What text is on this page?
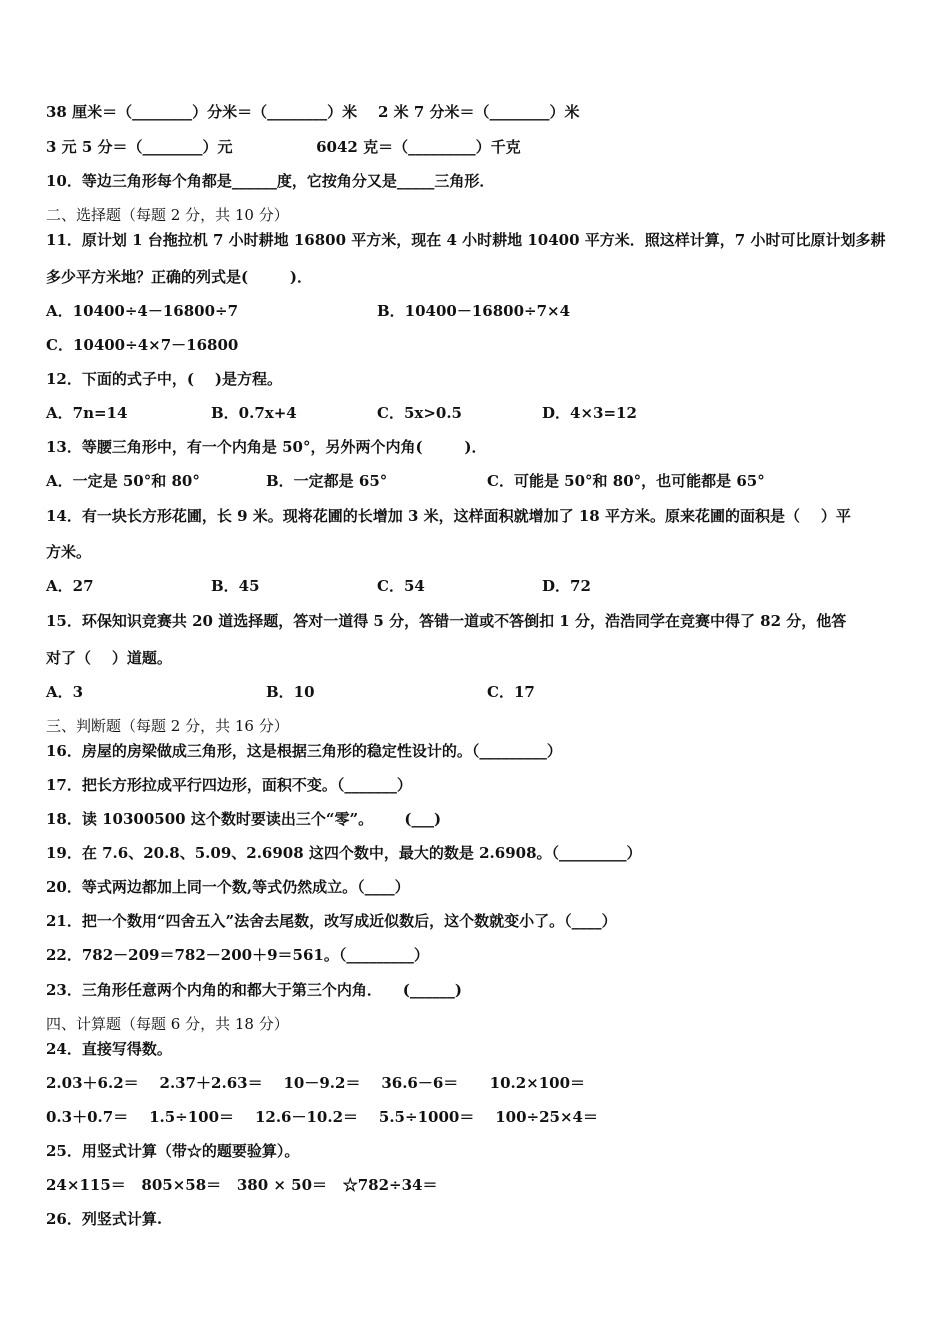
38 厘米＝（________）分米＝（________）米    2 米 7 分米＝（________）米
3 元 5 分＝（________）元                6042 克＝（_________）千克
10．等边三角形每个角都是______度，它按角分又是_____三角形．
二、选择题（每题 2 分，共 10 分）
11．原计划 1 台拖拉机 7 小时耕地 16800 平方米，现在 4 小时耕地 10400 平方米．照这样计算，7 小时可比原计划多耕
多少平方米地？正确的列式是(        )．
A．10400÷4－16800÷7	B．10400－16800÷7×4
C．10400÷4×7－16800
12．下面的式子中，(    )是方程。
A．7n=14	B．0.7x+4	C．5x>0.5	D．4×3=12
13．等腰三角形中，有一个内角是 50°，另外两个内角(        )．
A．一定是 50°和 80°	B．一定都是 65°	C．可能是 50°和 80°，也可能都是 65°
14．有一块长方形花圃，长 9 米。现将花圃的长增加 3 米，这样面积就增加了 18 平方米。原来花圃的面积是（    ）平
方米。
A．27	B．45	C．54	D．72
15．环保知识竞赛共 20 道选择题，答对一道得 5 分，答错一道或不答倒扣 1 分，浩浩同学在竞赛中得了 82 分，他答
对了（    ）道题。
A．3	B．10	C．17
三、判断题（每题 2 分，共 16 分）
16．房屋的房梁做成三角形，这是根据三角形的稳定性设计的。（_________）
17．把长方形拉成平行四边形，面积不变。（_______）
18．读 10300500 这个数时要读出三个“零”。      (___)
19．在 7.6、20.8、5.09、2.6908 这四个数中，最大的数是 2.6908。（_________）
20．等式两边都加上同一个数,等式仍然成立。（____）
21．把一个数用“四舍五入”法舍去尾数，改写成近似数后，这个数就变小了。（____）
22．782－209＝782－200＋9＝561。（_________）
23．三角形任意两个内角的和都大于第三个内角．    (______)
四、计算题（每题 6 分，共 18 分）
24．直接写得数。
2.03＋6.2＝    2.37＋2.63＝    10－9.2＝    36.6－6＝      10.2×100＝
0.3＋0.7＝    1.5÷100＝    12.6－10.2＝    5.5÷1000＝    100÷25×4＝
25．用竖式计算（带☆的题要验算）。
24×115＝   805×58＝   380 × 50＝   ☆782÷34＝
26．列竖式计算.
